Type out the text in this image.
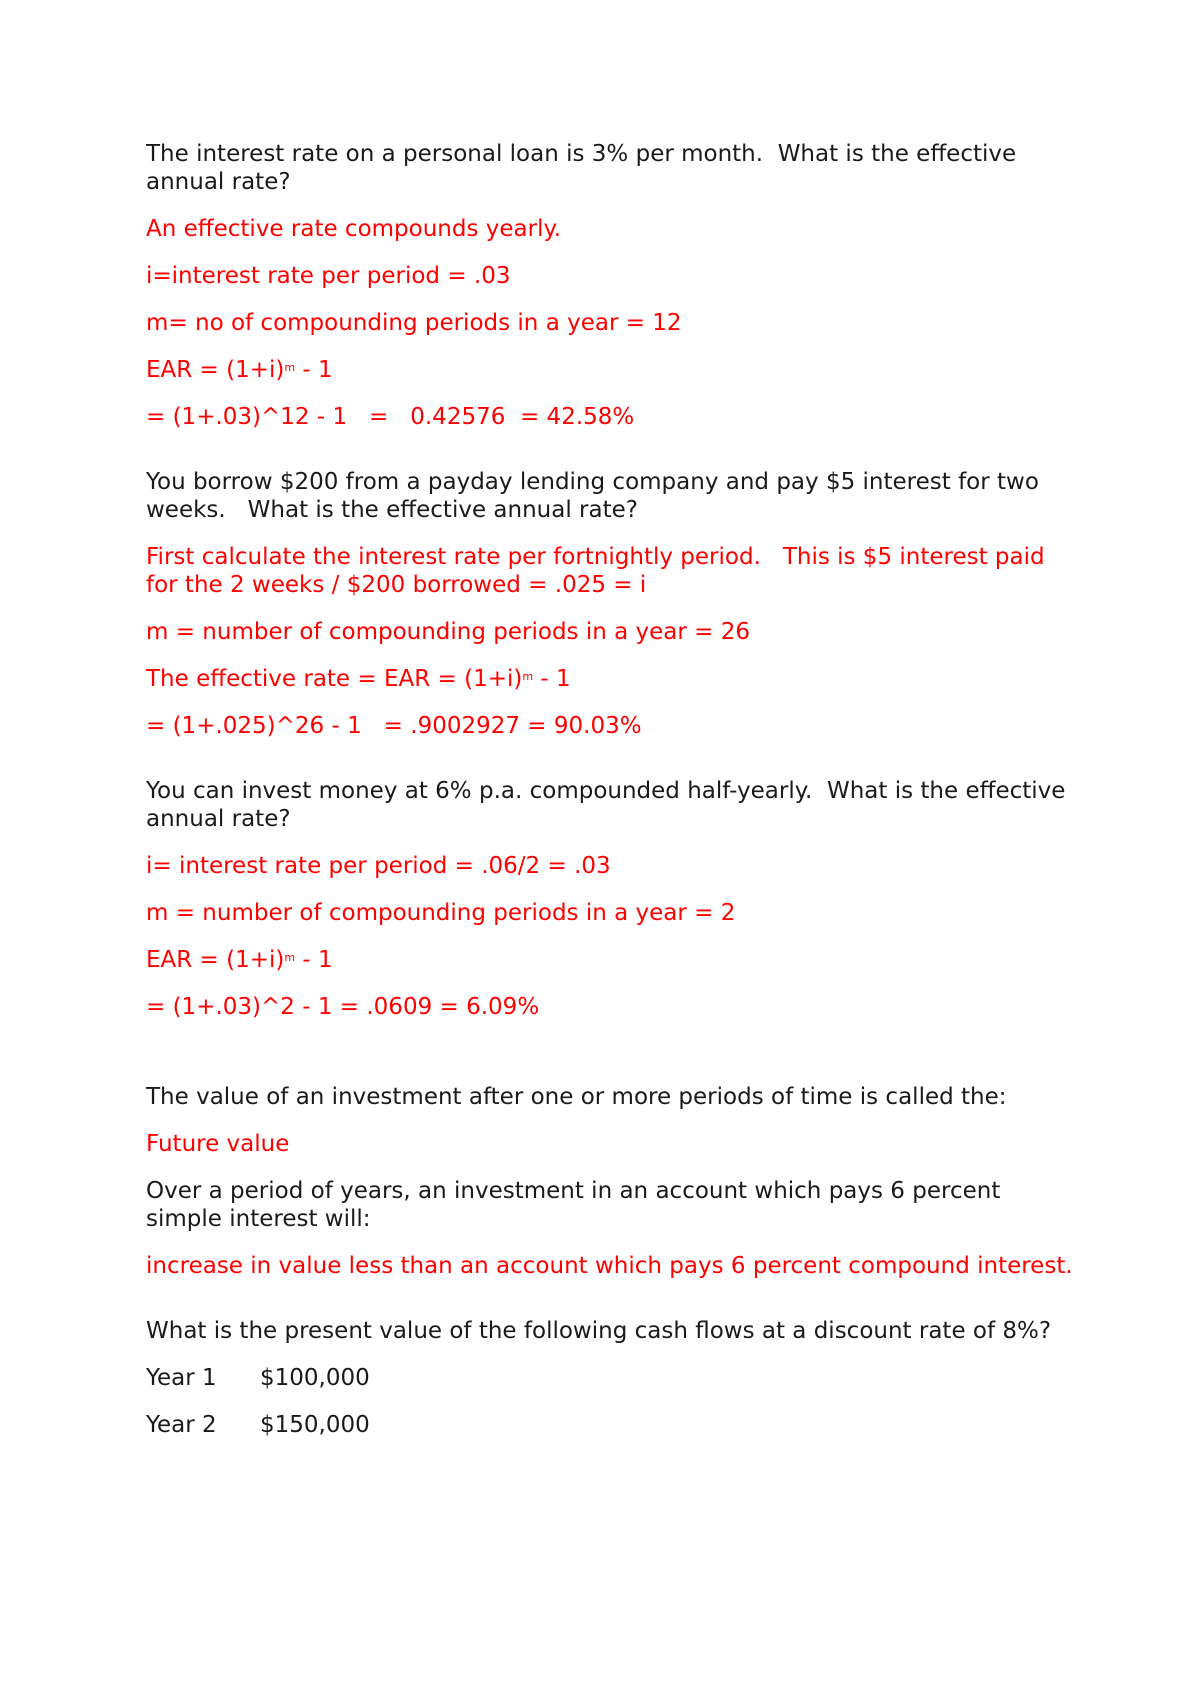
The interest rate on a personal loan is 3% per month.  What is the effective annual rate?

An effective rate compounds yearly.

i=interest rate per period = .03

m= no of compounding periods in a year = 12

EAR = $(1+i)^m - 1$

= (1+.03)^12 - 1   =   0.42576  = 42.58%

You borrow $200 from a payday lending company and pay $5 interest for two weeks.   What is the effective annual rate?

First calculate the interest rate per fortnightly period.   This is $5 interest paid for the 2 weeks / $200 borrowed = .025 = i

m = number of compounding periods in a year = 26

The effective rate = EAR = $(1+i)^m - 1$

= (1+.025)^26 - 1   = .9002927 = 90.03%

You can invest money at 6% p.a. compounded half-yearly.  What is the effective annual rate?

i= interest rate per period = .06/2 = .03

m = number of compounding periods in a year = 2

EAR = $(1+i)^m - 1$

= (1+.03)^2 - 1 = .0609 = 6.09%

The value of an investment after one or more periods of time is called the:

Future value

Over a period of years, an investment in an account which pays 6 percent simple interest will:

increase in value less than an account which pays 6 percent compound interest.

What is the present value of the following cash flows at a discount rate of 8%?

Year 1	$100,000
Year 2	$150,000
